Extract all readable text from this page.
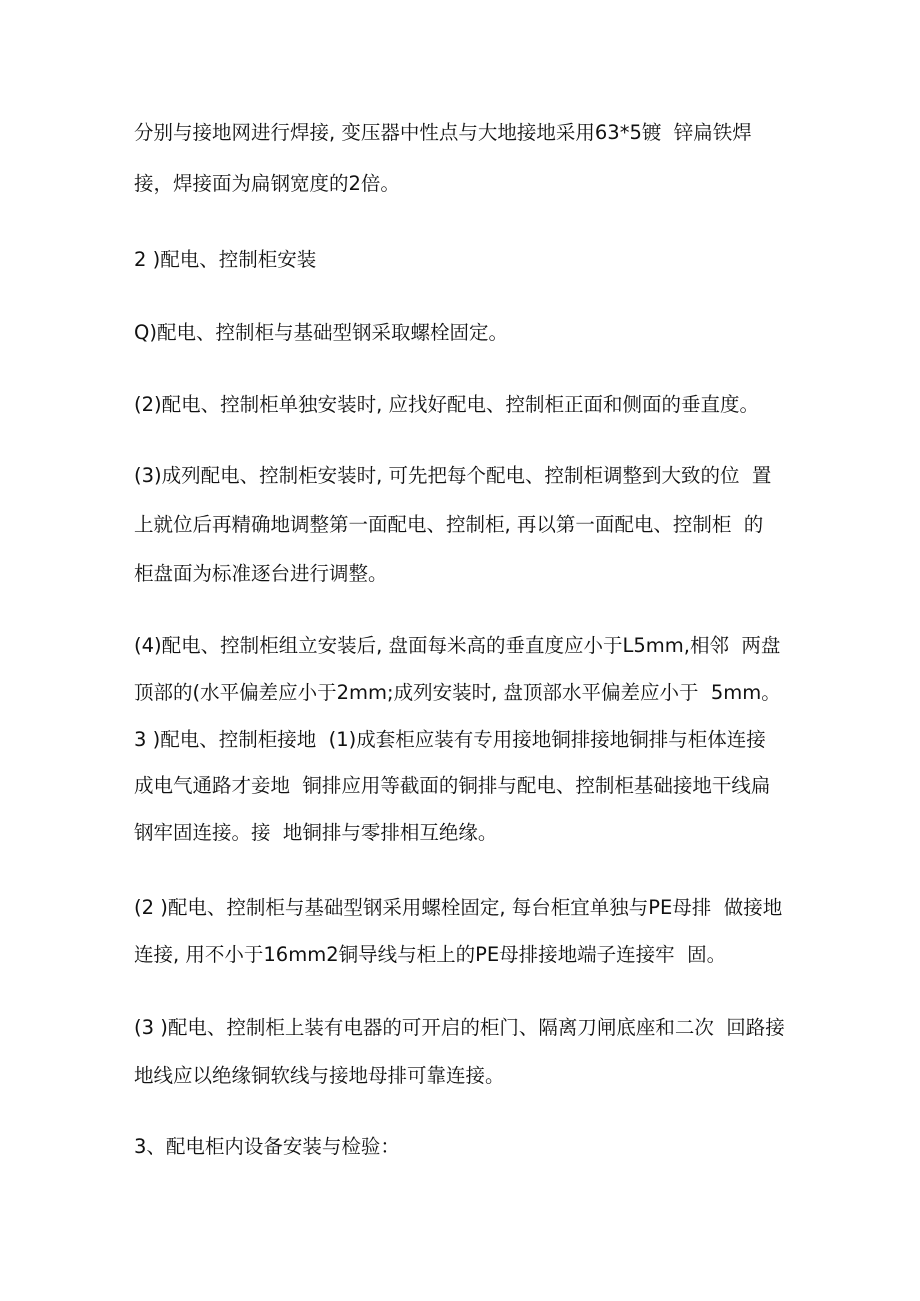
分别与接地网进行焊接, 变压器中性点与大地接地采用63*5镀  锌扁铁焊
接，焊接面为扁钢宽度的2倍。
2 )配电、控制柜安装
Q)配电、控制柜与基础型钢采取螺栓固定。
(2)配电、控制柜单独安装时, 应找好配电、控制柜正面和侧面的垂直度。
(3)成列配电、控制柜安装时, 可先把每个配电、控制柜调整到大致的位  置
上就位后再精确地调整第一面配电、控制柜, 再以第一面配电、控制柜  的
柜盘面为标准逐台进行调整。
(4)配电、控制柜组立安装后, 盘面每米高的垂直度应小于L5mm,相邻  两盘
顶部的(水平偏差应小于2mm;成列安装时, 盘顶部水平偏差应小于  5mm。
3 )配电、控制柜接地  (1)成套柜应装有专用接地铜排接地铜排与柜体连接
成电气通路才妾地  铜排应用等截面的铜排与配电、控制柜基础接地干线扁
钢牢固连接。接  地铜排与零排相互绝缘。
(2 )配电、控制柜与基础型钢采用螺栓固定, 每台柜宜单独与PE母排  做接地
连接, 用不小于16mm2铜导线与柜上的PE母排接地端子连接牢  固。
(3 )配电、控制柜上装有电器的可开启的柜门、隔离刀闸底座和二次  回路接
地线应以绝缘铜软线与接地母排可靠连接。
3、配电柜内设备安装与检验：
